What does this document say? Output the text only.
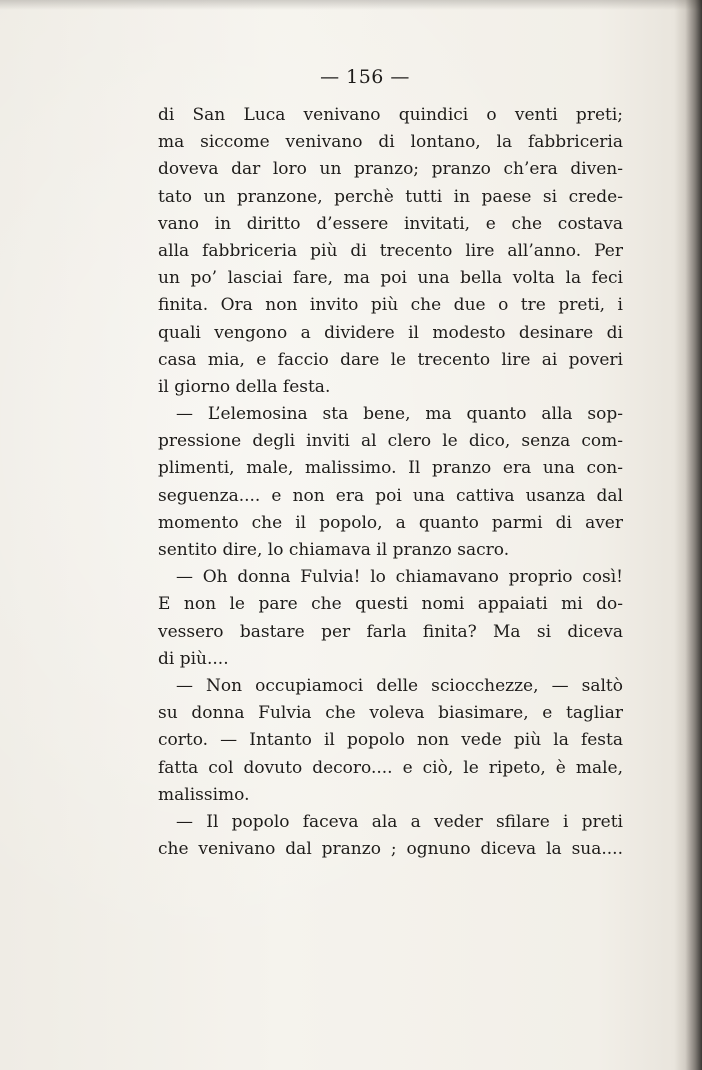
— 156 —
di San Luca venivano quindici o venti preti;
ma siccome venivano di lontano, la fabbriceria
doveva dar loro un pranzo; pranzo ch’era diven-
tato un pranzone, perchè tutti in paese si crede-
vano in diritto d’essere invitati, e che costava
alla fabbriceria più di trecento lire all’anno. Per
un po’ lasciai fare, ma poi una bella volta la feci
finita. Ora non invito più che due o tre preti, i
quali vengono a dividere il modesto desinare di
casa mia, e faccio dare le trecento lire ai poveri
il giorno della festa.
— L’elemosina sta bene, ma quanto alla sop-
pressione degli inviti al clero le dico, senza com-
plimenti, male, malissimo. Il pranzo era una con-
seguenza.... e non era poi una cattiva usanza dal
momento che il popolo, a quanto parmi di aver
sentito dire, lo chiamava il pranzo sacro.
— Oh donna Fulvia! lo chiamavano proprio così!
E non le pare che questi nomi appaiati mi do-
vessero bastare per farla finita? Ma si diceva
di più....
— Non occupiamoci delle sciocchezze, — saltò
su donna Fulvia che voleva biasimare, e tagliar
corto. — Intanto il popolo non vede più la festa
fatta col dovuto decoro.... e ciò, le ripeto, è male,
malissimo.
— Il popolo faceva ala a veder sfilare i preti
che venivano dal pranzo ; ognuno diceva la sua....
